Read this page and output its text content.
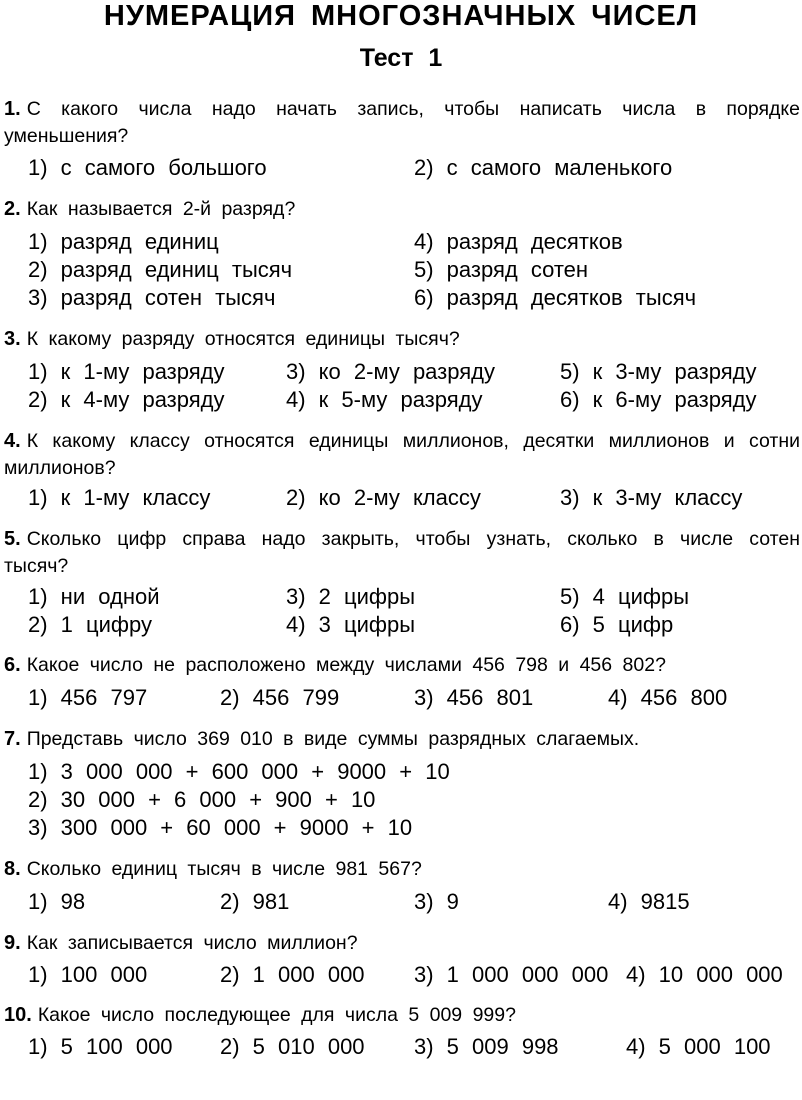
НУМЕРАЦИЯ МНОГОЗНАЧНЫХ ЧИСЕЛ
Тест 1
1. С какого числа надо начать запись, чтобы написать числа в порядке уменьшения?
1) с самого большого	2) с самого маленького
2. Как называется 2-й разряд?
1) разряд единиц	4) разряд десятков
2) разряд единиц тысяч	5) разряд сотен
3) разряд сотен тысяч	6) разряд десятков тысяч
3. К какому разряду относятся единицы тысяч?
1) к 1-му разряду	3) ко 2-му разряду	5) к 3-му разряду
2) к 4-му разряду	4) к 5-му разряду	6) к 6-му разряду
4. К какому классу относятся единицы миллионов, десятки миллионов и сотни миллионов?
1) к 1-му классу	2) ко 2-му классу	3) к 3-му классу
5. Сколько цифр справа надо закрыть, чтобы узнать, сколько в числе сотен тысяч?
1) ни одной	3) 2 цифры	5) 4 цифры
2) 1 цифру	4) 3 цифры	6) 5 цифр
6. Какое число не расположено между числами 456 798 и 456 802?
1) 456 797	2) 456 799	3) 456 801	4) 456 800
7. Представь число 369 010 в виде суммы разрядных слагаемых.
1) 3 000 000 + 600 000 + 9000 + 10
2) 30 000 + 6 000 + 900 + 10
3) 300 000 + 60 000 + 9000 + 10
8. Сколько единиц тысяч в числе 981 567?
1) 98	2) 981	3) 9	4) 9815
9. Как записывается число миллион?
1) 100 000	2) 1 000 000 3) 1 000 000 000 4) 10 000 000
10. Какое число последующее для числа 5 009 999?
1) 5 100 000 2) 5 010 000 3) 5 009 998	4) 5 000 100
